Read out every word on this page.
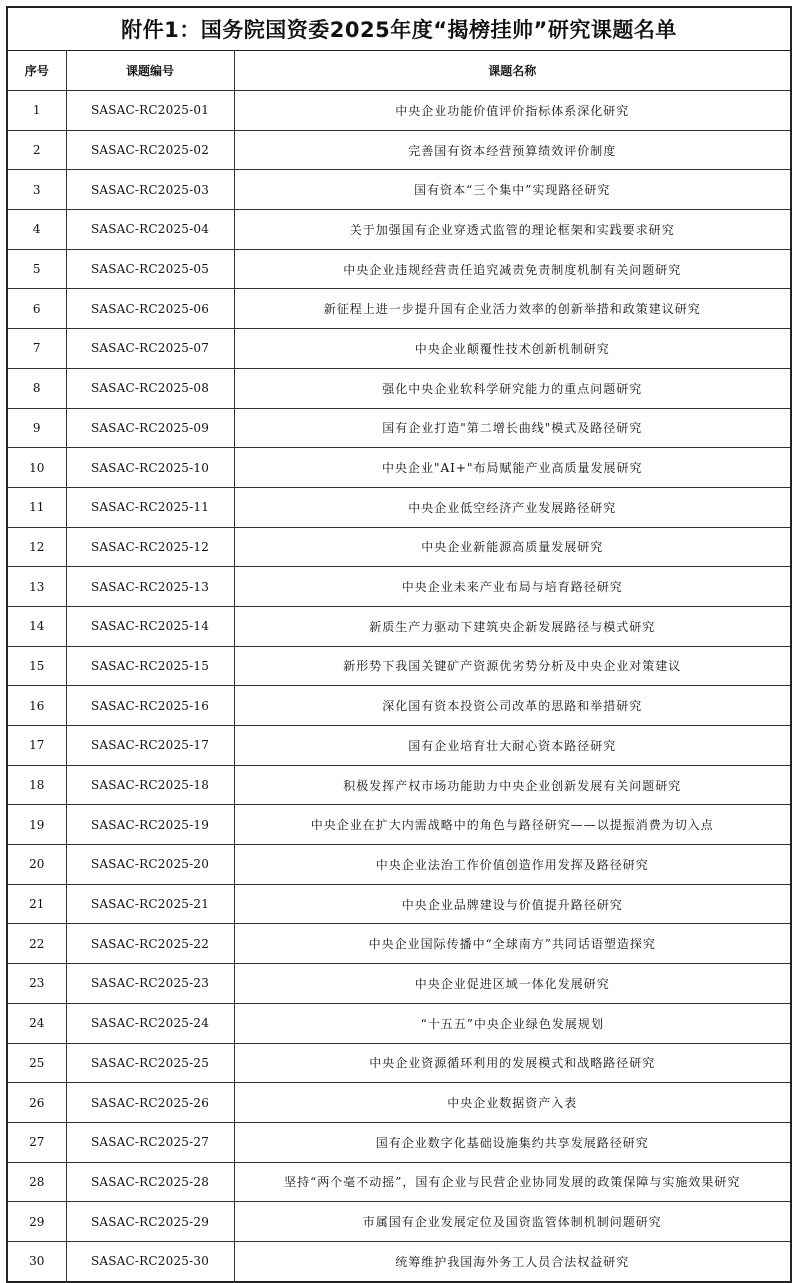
附件1：国务院国资委2025年度“揭榜挂帅”研究课题名单
序号	课题编号	课题名称
1	SASAC-RC2025-01	中央企业功能价值评价指标体系深化研究
2	SASAC-RC2025-02	完善国有资本经营预算绩效评价制度
3	SASAC-RC2025-03	国有资本“三个集中”实现路径研究
4	SASAC-RC2025-04	关于加强国有企业穿透式监管的理论框架和实践要求研究
5	SASAC-RC2025-05	中央企业违规经营责任追究减责免责制度机制有关问题研究
6	SASAC-RC2025-06	新征程上进一步提升国有企业活力效率的创新举措和政策建议研究
7	SASAC-RC2025-07	中央企业颠覆性技术创新机制研究
8	SASAC-RC2025-08	强化中央企业软科学研究能力的重点问题研究
9	SASAC-RC2025-09	国有企业打造"第二增长曲线"模式及路径研究
10	SASAC-RC2025-10	中央企业"AI+"布局赋能产业高质量发展研究
11	SASAC-RC2025-11	中央企业低空经济产业发展路径研究
12	SASAC-RC2025-12	中央企业新能源高质量发展研究
13	SASAC-RC2025-13	中央企业未来产业布局与培育路径研究
14	SASAC-RC2025-14	新质生产力驱动下建筑央企新发展路径与模式研究
15	SASAC-RC2025-15	新形势下我国关键矿产资源优劣势分析及中央企业对策建议
16	SASAC-RC2025-16	深化国有资本投资公司改革的思路和举措研究
17	SASAC-RC2025-17	国有企业培育壮大耐心资本路径研究
18	SASAC-RC2025-18	积极发挥产权市场功能助力中央企业创新发展有关问题研究
19	SASAC-RC2025-19	中央企业在扩大内需战略中的角色与路径研究——以提振消费为切入点
20	SASAC-RC2025-20	中央企业法治工作价值创造作用发挥及路径研究
21	SASAC-RC2025-21	中央企业品牌建设与价值提升路径研究
22	SASAC-RC2025-22	中央企业国际传播中“全球南方”共同话语塑造探究
23	SASAC-RC2025-23	中央企业促进区域一体化发展研究
24	SASAC-RC2025-24	“十五五”中央企业绿色发展规划
25	SASAC-RC2025-25	中央企业资源循环利用的发展模式和战略路径研究
26	SASAC-RC2025-26	中央企业数据资产入表
27	SASAC-RC2025-27	国有企业数字化基础设施集约共享发展路径研究
28	SASAC-RC2025-28	坚持“两个毫不动摇”，国有企业与民营企业协同发展的政策保障与实施效果研究
29	SASAC-RC2025-29	市属国有企业发展定位及国资监管体制机制问题研究
30	SASAC-RC2025-30	统筹维护我国海外务工人员合法权益研究
